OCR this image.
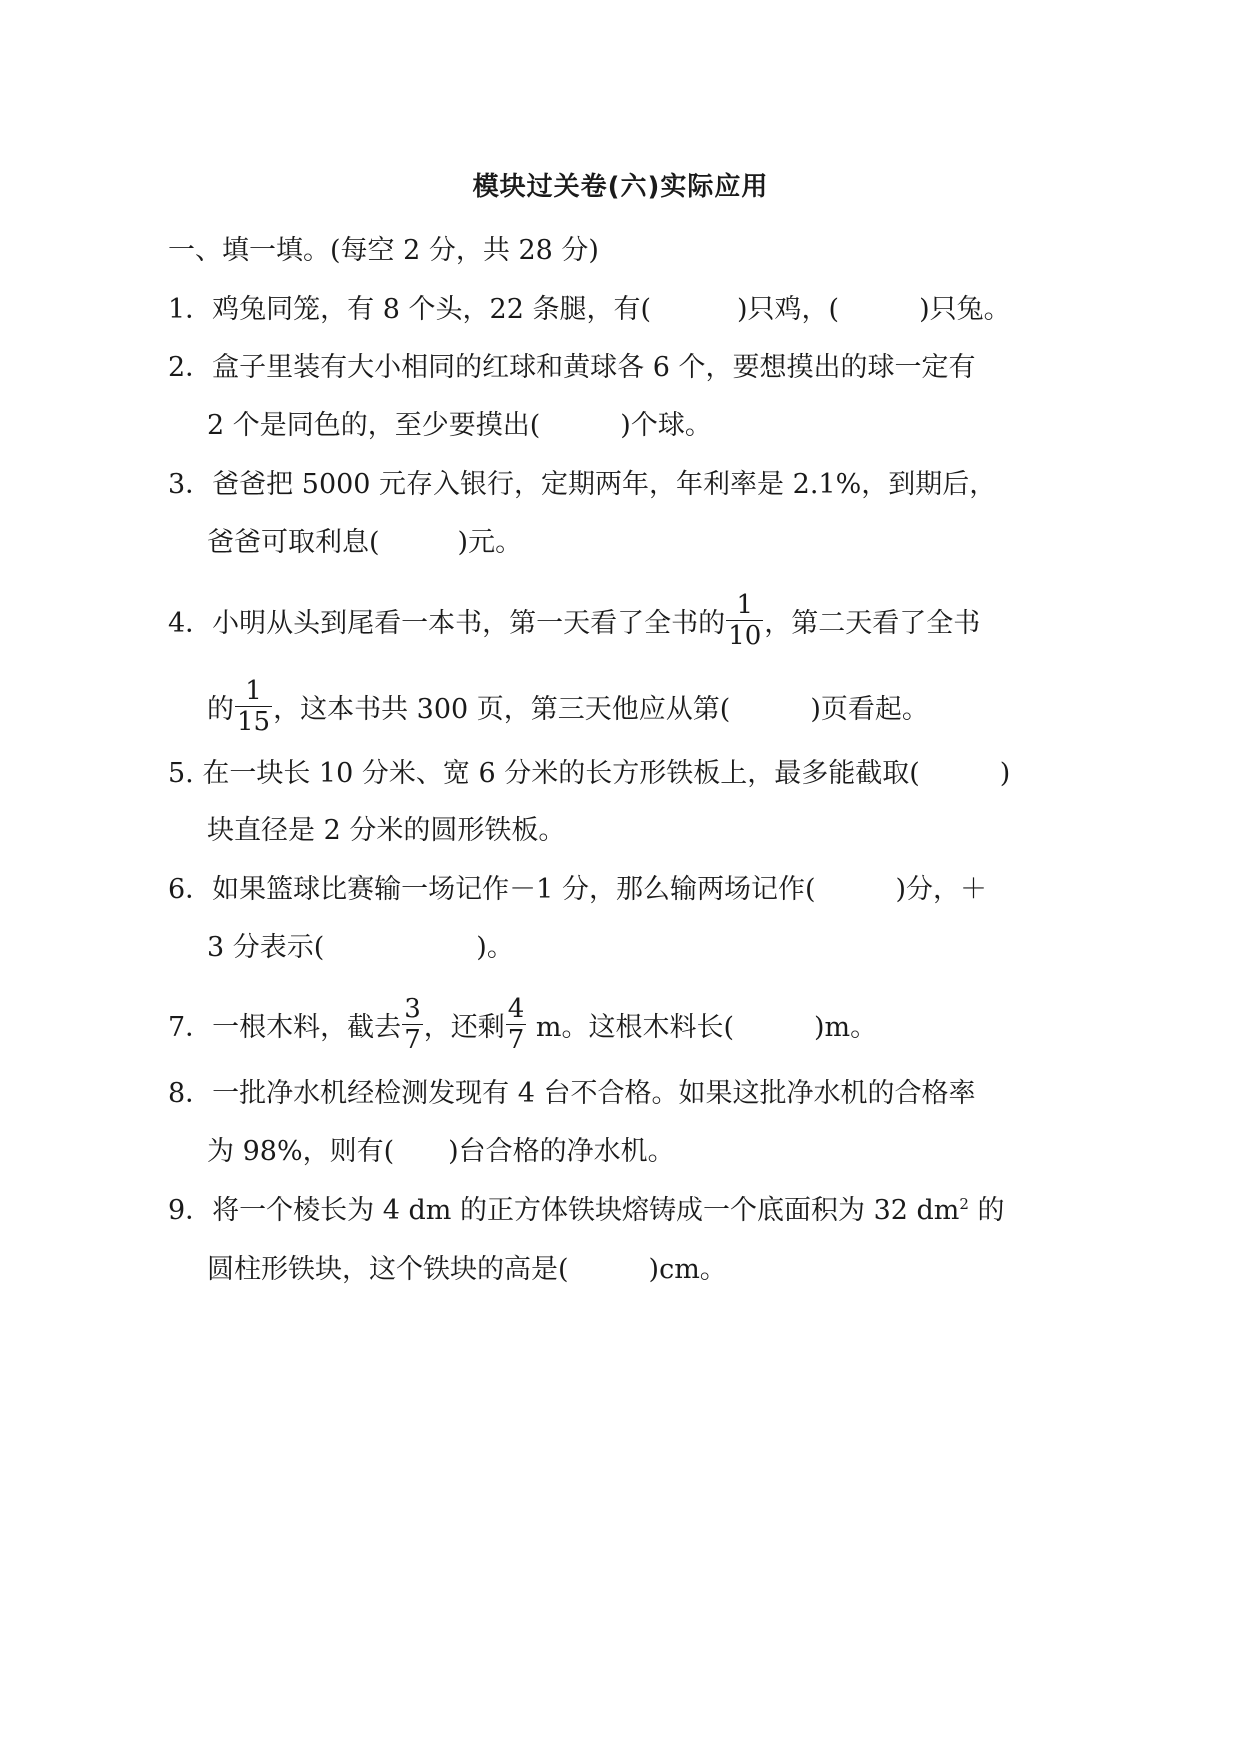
模块过关卷(六)实际应用
一、填一填。(每空 2 分，共 28 分)
1．鸡兔同笼，有 8 个头，22 条腿，有(	)只鸡，(	)只兔。
2．盒子里装有大小相同的红球和黄球各 6 个，要想摸出的球一定有
2 个是同色的，至少要摸出(	)个球。
3．爸爸把 5000 元存入银行，定期两年，年利率是 2.1%，到期后，
爸爸可取利息(	)元。
4．小明从头到尾看一本书，第一天看了全书的 $\frac{1}{10}$ ，第二天看了全书
的 $\frac{1}{15}$ ，这本书共 300 页，第三天他应从第(	)页看起。
5. 在一块长 10 分米、宽 6 分米的长方形铁板上，最多能截取(	)
块直径是 2 分米的圆形铁板。
6．如果篮球比赛输一场记作－1 分，那么输两场记作(	)分，＋
3 分表示(	)。
7．一根木料，截去 $\frac{3}{7}$ ，还剩 $\frac{4}{7}$ m。这根木料长(	)m。
8．一批净水机经检测发现有 4 台不合格。如果这批净水机的合格率
为 98%，则有( )台合格的净水机。
9．将一个棱长为 4 dm 的正方体铁块熔铸成一个底面积为 32 $dm^2$ 的
圆柱形铁块，这个铁块的高是(	)cm。
